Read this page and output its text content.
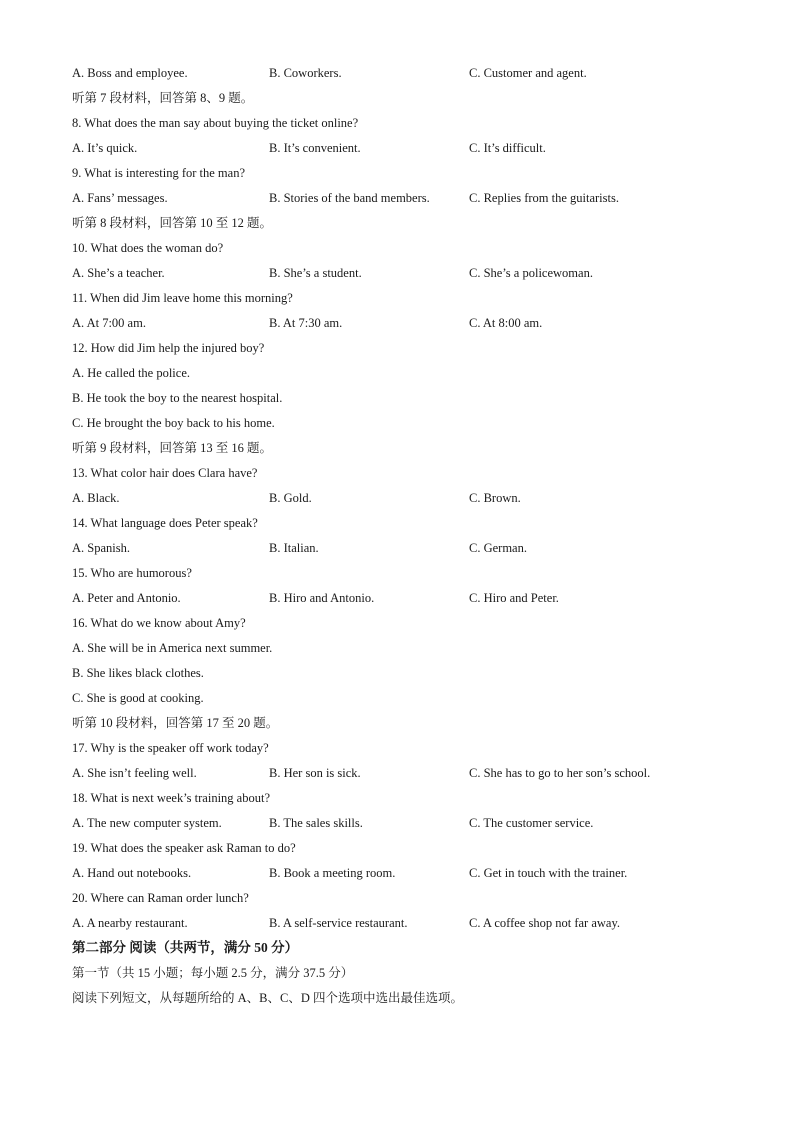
A. Boss and employee.	B. Coworkers.	C. Customer and agent.
听第 7 段材料，回答第 8、9 题。
8. What does the man say about buying the ticket online?
A. It’s quick.	B. It’s convenient.	C. It’s difficult.
9. What is interesting for the man?
A. Fans’ messages.	B. Stories of the band members.	C. Replies from the guitarists.
听第 8 段材料，回答第 10 至 12 题。
10. What does the woman do?
A. She’s a teacher.	B. She’s a student.	C. She’s a policewoman.
11. When did Jim leave home this morning?
A. At 7:00 am.	B. At 7:30 am.	C. At 8:00 am.
12. How did Jim help the injured boy?
A. He called the police.
B. He took the boy to the nearest hospital.
C. He brought the boy back to his home.
听第 9 段材料，回答第 13 至 16 题。
13. What color hair does Clara have?
A. Black.	B. Gold.	C. Brown.
14. What language does Peter speak?
A. Spanish.	B. Italian.	C. German.
15. Who are humorous?
A. Peter and Antonio.	B. Hiro and Antonio.	C. Hiro and Peter.
16. What do we know about Amy?
A. She will be in America next summer.
B. She likes black clothes.
C. She is good at cooking.
听第 10 段材料，回答第 17 至 20 题。
17. Why is the speaker off work today?
A. She isn’t feeling well.	B. Her son is sick.	C. She has to go to her son’s school.
18. What is next week’s training about?
A. The new computer system.	B. The sales skills.	C. The customer service.
19. What does the speaker ask Raman to do?
A. Hand out notebooks.	B. Book a meeting room.	C. Get in touch with the trainer.
20. Where can Raman order lunch?
A. A nearby restaurant.	B. A self-service restaurant.	C. A coffee shop not far away.
第二部分 阅读（共两节，满分 50 分）
第一节（共 15 小题；每小题 2.5 分，满分 37.5 分）
阅读下列短文，从每题所给的 A、B、C、D 四个选项中选出最佳选项。
